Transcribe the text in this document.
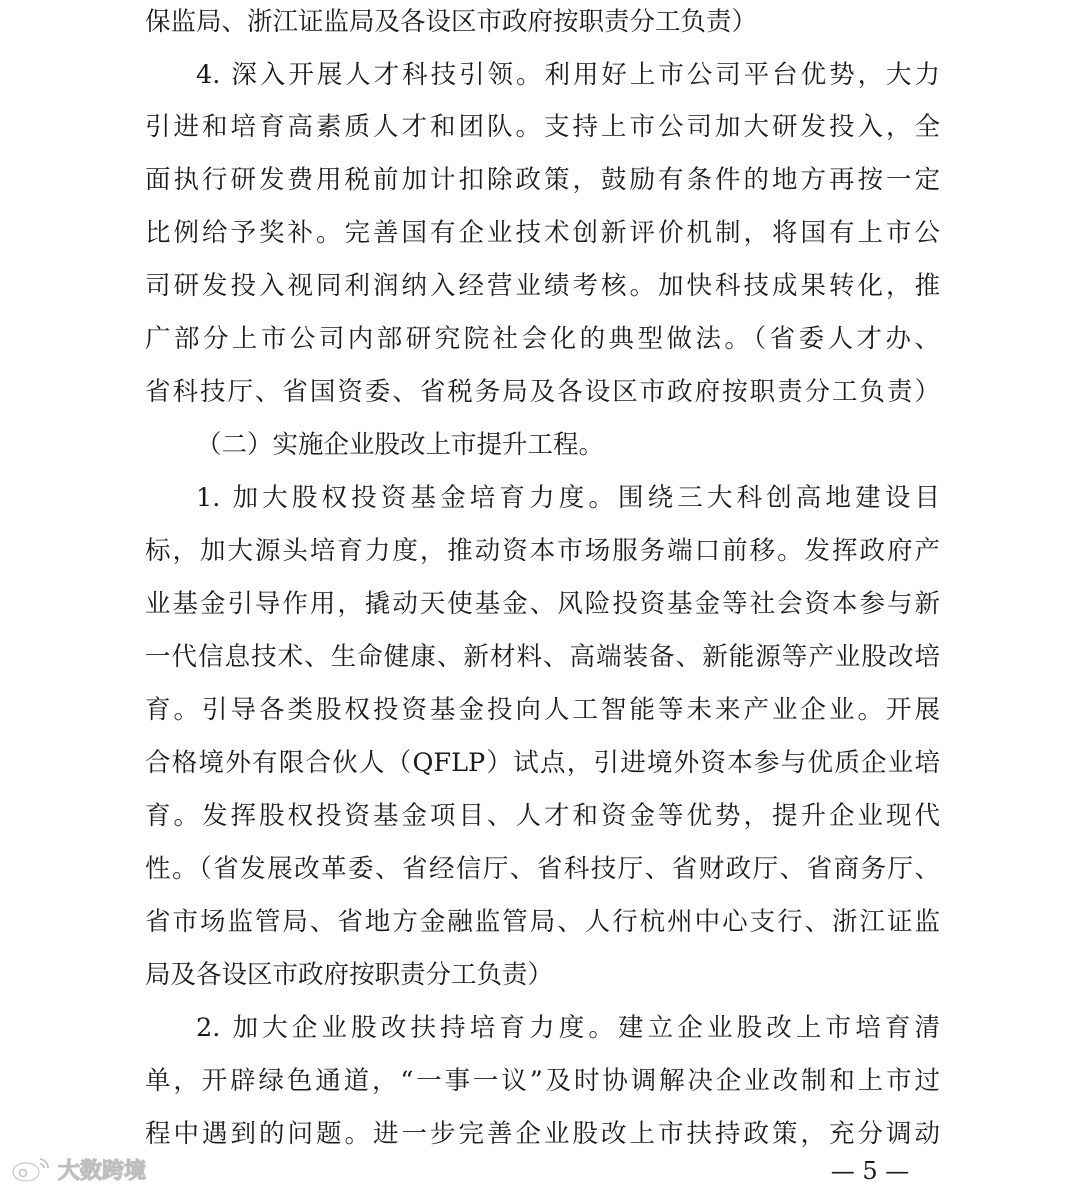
保监局、浙江证监局及各设区市政府按职责分工负责）
4. 深入开展人才科技引领。利用好上市公司平台优势，大力
引进和培育高素质人才和团队。支持上市公司加大研发投入，全
面执行研发费用税前加计扣除政策，鼓励有条件的地方再按一定
比例给予奖补。完善国有企业技术创新评价机制，将国有上市公
司研发投入视同利润纳入经营业绩考核。加快科技成果转化，推
广部分上市公司内部研究院社会化的典型做法。（省委人才办、
省科技厅、省国资委、省税务局及各设区市政府按职责分工负责）
（二）实施企业股改上市提升工程。
1. 加大股权投资基金培育力度。围绕三大科创高地建设目
标，加大源头培育力度，推动资本市场服务端口前移。发挥政府产
业基金引导作用，撬动天使基金、风险投资基金等社会资本参与新
一代信息技术、生命健康、新材料、高端装备、新能源等产业股改培
育。引导各类股权投资基金投向人工智能等未来产业企业。开展
合格境外有限合伙人（QFLP）试点，引进境外资本参与优质企业培
育。发挥股权投资基金项目、人才和资金等优势，提升企业现代
性。（省发展改革委、省经信厅、省科技厅、省财政厅、省商务厅、
省市场监管局、省地方金融监管局、人行杭州中心支行、浙江证监
局及各设区市政府按职责分工负责）
2. 加大企业股改扶持培育力度。建立企业股改上市培育清
单，开辟绿色通道，“一事一议”及时协调解决企业改制和上市过
程中遇到的问题。进一步完善企业股改上市扶持政策，充分调动
— 5 —
大数跨境
